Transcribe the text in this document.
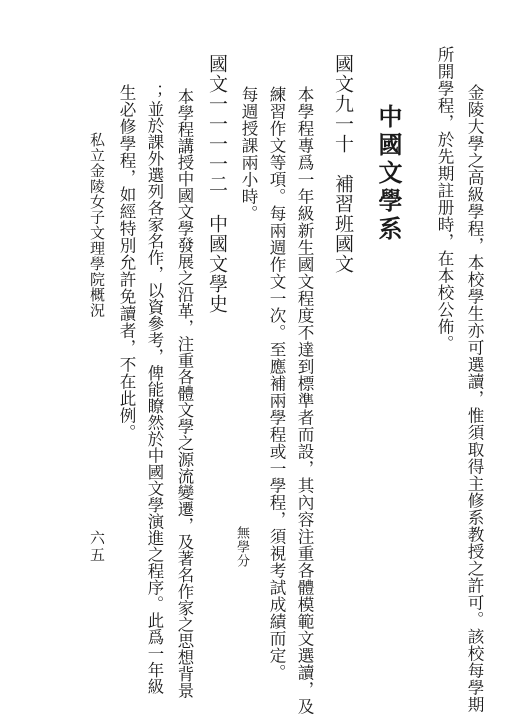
金陵大學之高級學程，本校學生亦可選讀，惟須取得主修系教授之許可。該校每學期
所開學程，於先期註册時，在本校公佈。
中國文學系
國文九一十　補習班國文
本學程專爲一年級新生國文程度不達到標準者而設，其內容注重各體模範文選讀，及
練習作文等項。每兩週作文一次。至應補兩學程或一學程，須視考試成績而定。
每週授課兩小時。
無學分
國文一一一一二　中國文學史
本學程講授中國文學發展之沿革，注重各體文學之源流變遷，及著名作家之思想背景
；並於課外選列各家名作，以資參考，俾能瞭然於中國文學演進之程序。此爲一年級
生必修學程，如經特別允許免讀者，不在此例。
私立金陵女子文理學院概況
六五
